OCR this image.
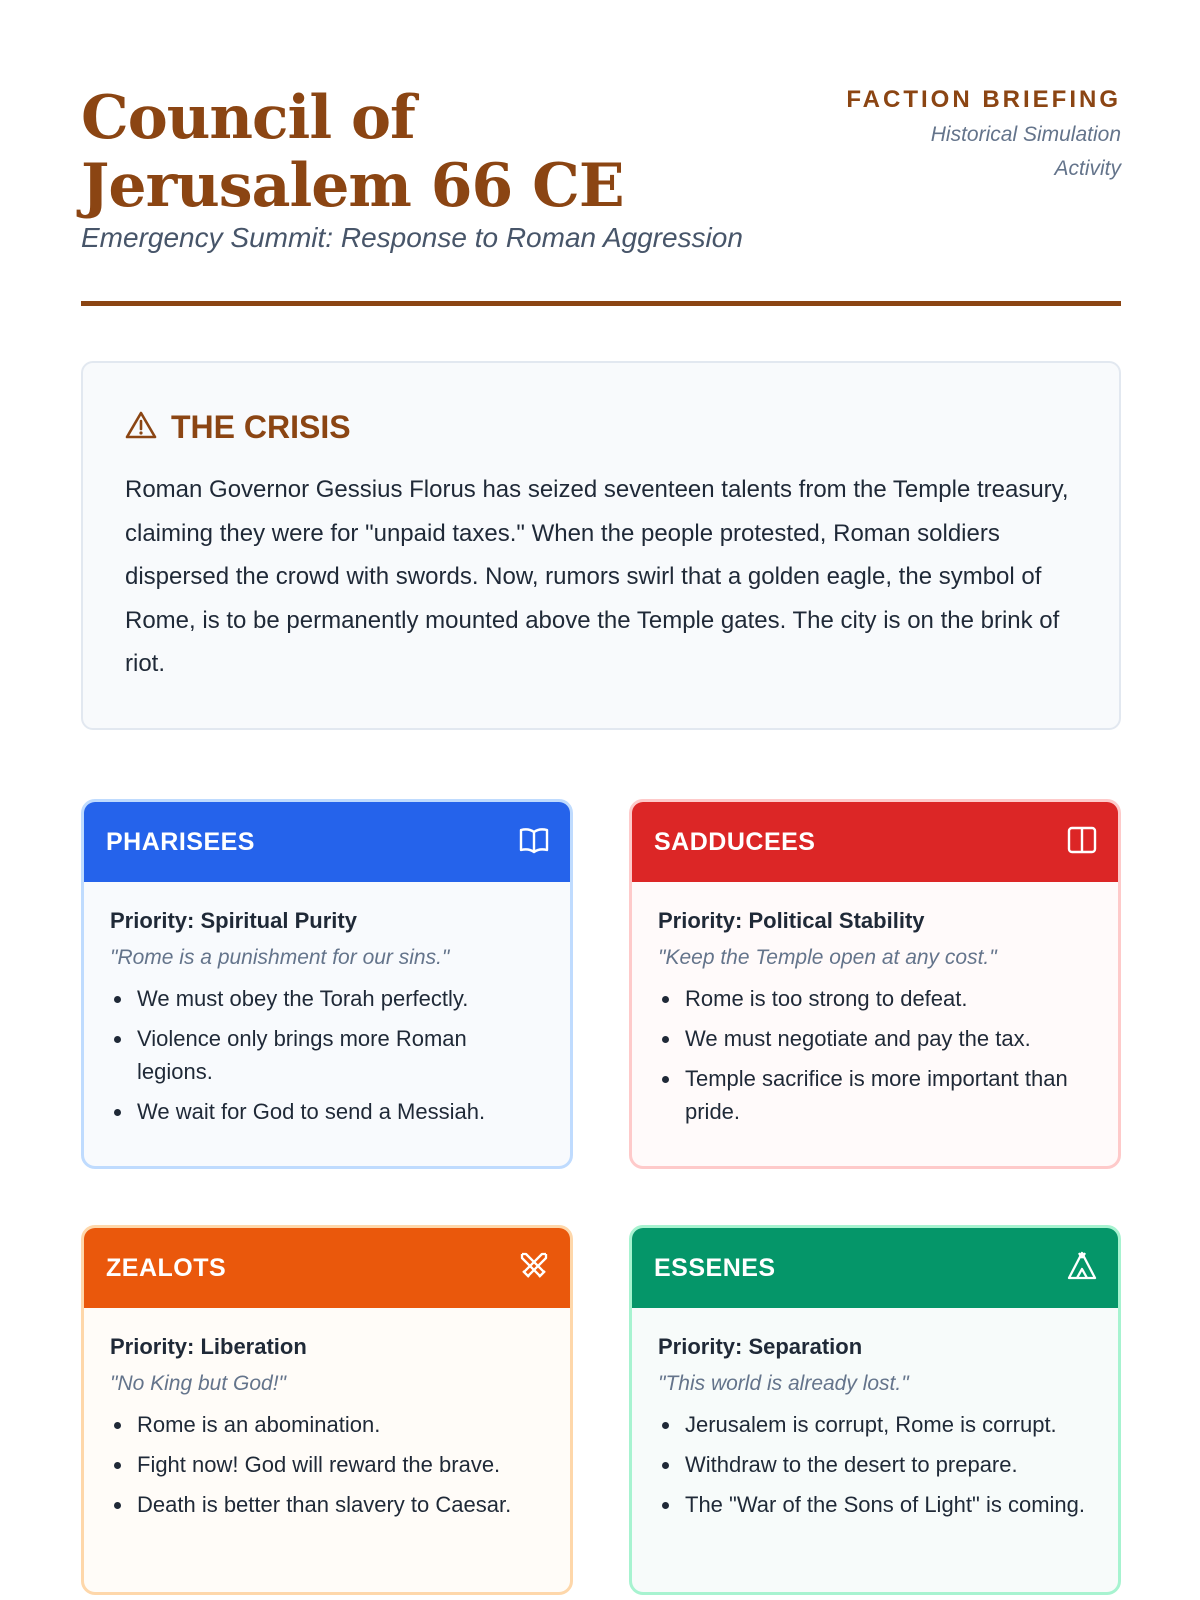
Council of Jerusalem 66 CE
Emergency Summit: Response to Roman Aggression
FACTION BRIEFING
Historical Simulation Activity
THE CRISIS

Roman Governor Gessius Florus has seized seventeen talents from the Temple treasury, claiming they were for "unpaid taxes." When the people protested, Roman soldiers dispersed the crowd with swords. Now, rumors swirl that a golden eagle, the symbol of Rome, is to be permanently mounted above the Temple gates. The city is on the brink of riot.

PHARISEES
Priority: Spiritual Purity
"Rome is a punishment for our sins."
We must obey the Torah perfectly.
Violence only brings more Roman legions.
We wait for God to send a Messiah.
SADDUCEES
Priority: Political Stability
"Keep the Temple open at any cost."
Rome is too strong to defeat.
We must negotiate and pay the tax.
Temple sacrifice is more important than pride.
ZEALOTS
Priority: Liberation
"No King but God!"
Rome is an abomination.
Fight now! God will reward the brave.
Death is better than slavery to Caesar.
ESSENES
Priority: Separation
"This world is already lost."
Jerusalem is corrupt, Rome is corrupt.
Withdraw to the desert to prepare.
The "War of the Sons of Light" is coming.
